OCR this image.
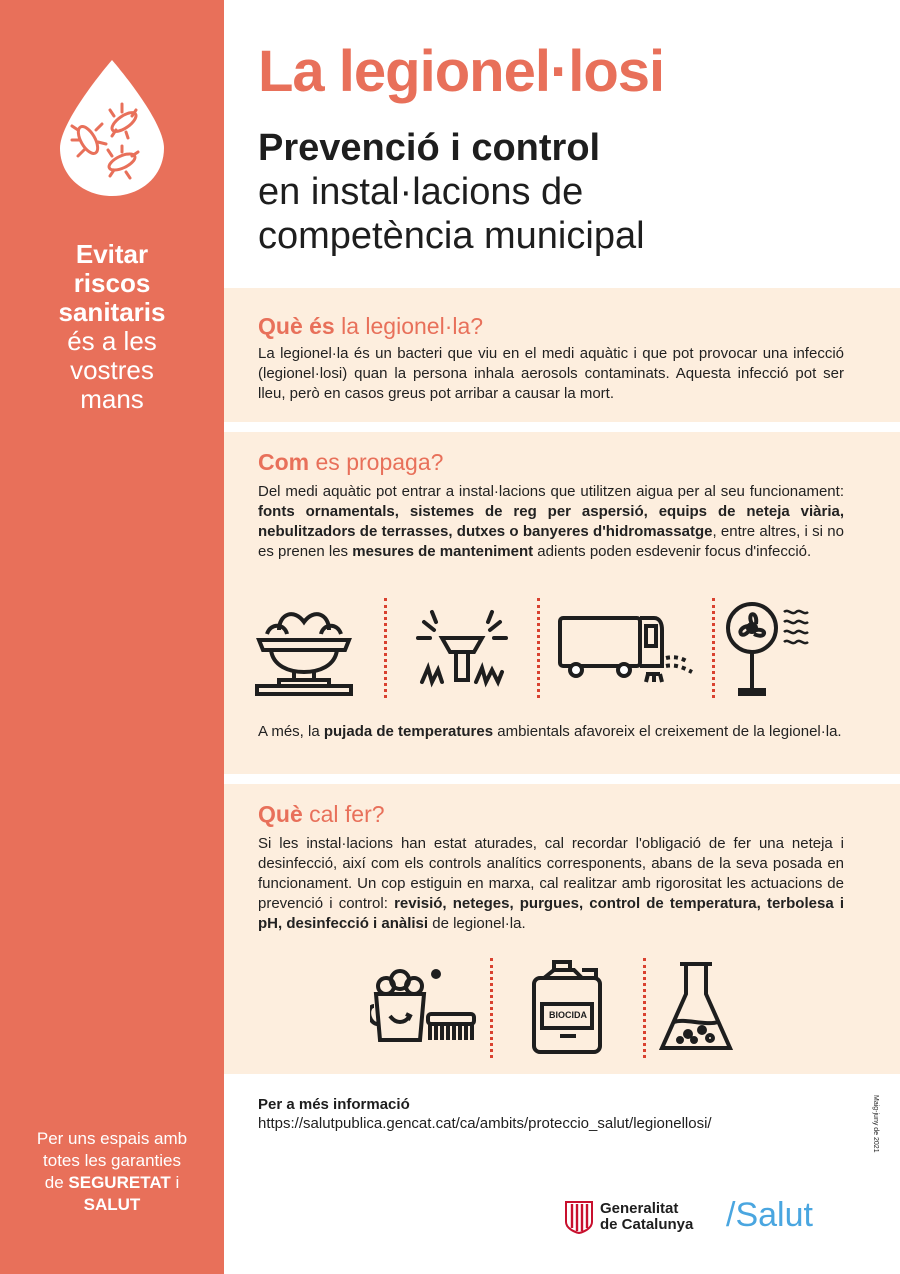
Evitar
riscos
sanitaris
és a les
vostres
mans
Per uns espais amb
totes les garanties
de SEGURETAT i
SALUT
La legionel·losi
Prevenció i control
en instal·lacions de
competència municipal
Què és la legionel·la?

La legionel·la és un bacteri que viu en el medi aquàtic i que pot provocar una infecció (legionel·losi) quan la persona inhala aerosols contaminats. Aquesta infecció pot ser lleu, però en casos greus pot arribar a causar la mort.

Com es propaga?

Del medi aquàtic pot entrar a instal·lacions que utilitzen aigua per al seu funcionament: fonts ornamentals, sistemes de reg per aspersió, equips de neteja viària, nebulitzadors de terrasses, dutxes o banyeres d'hidromassatge, entre altres, i si no es prenen les mesures de manteniment adients poden esdevenir focus d'infecció.

A més, la pujada de temperatures ambientals afavoreix el creixement de la legionel·la.

Què cal fer?

Si les instal·lacions han estat aturades, cal recordar l'obligació de fer una neteja i desinfecció, així com els controls analítics corresponents, abans de la seva posada en funcionament. Un cop estiguin en marxa, cal realitzar amb rigorositat les actuacions de prevenció i control: revisió, neteges, purgues, control de temperatura, terbolesa i pH, desinfecció i anàlisi de legionel·la.

BIOCIDA
Per a més informació
https://salutpublica.gencat.cat/ca/ambits/proteccio_salut/legionellosi/	Maig-juny de 2021
Generalitat
de Catalunya /Salut
